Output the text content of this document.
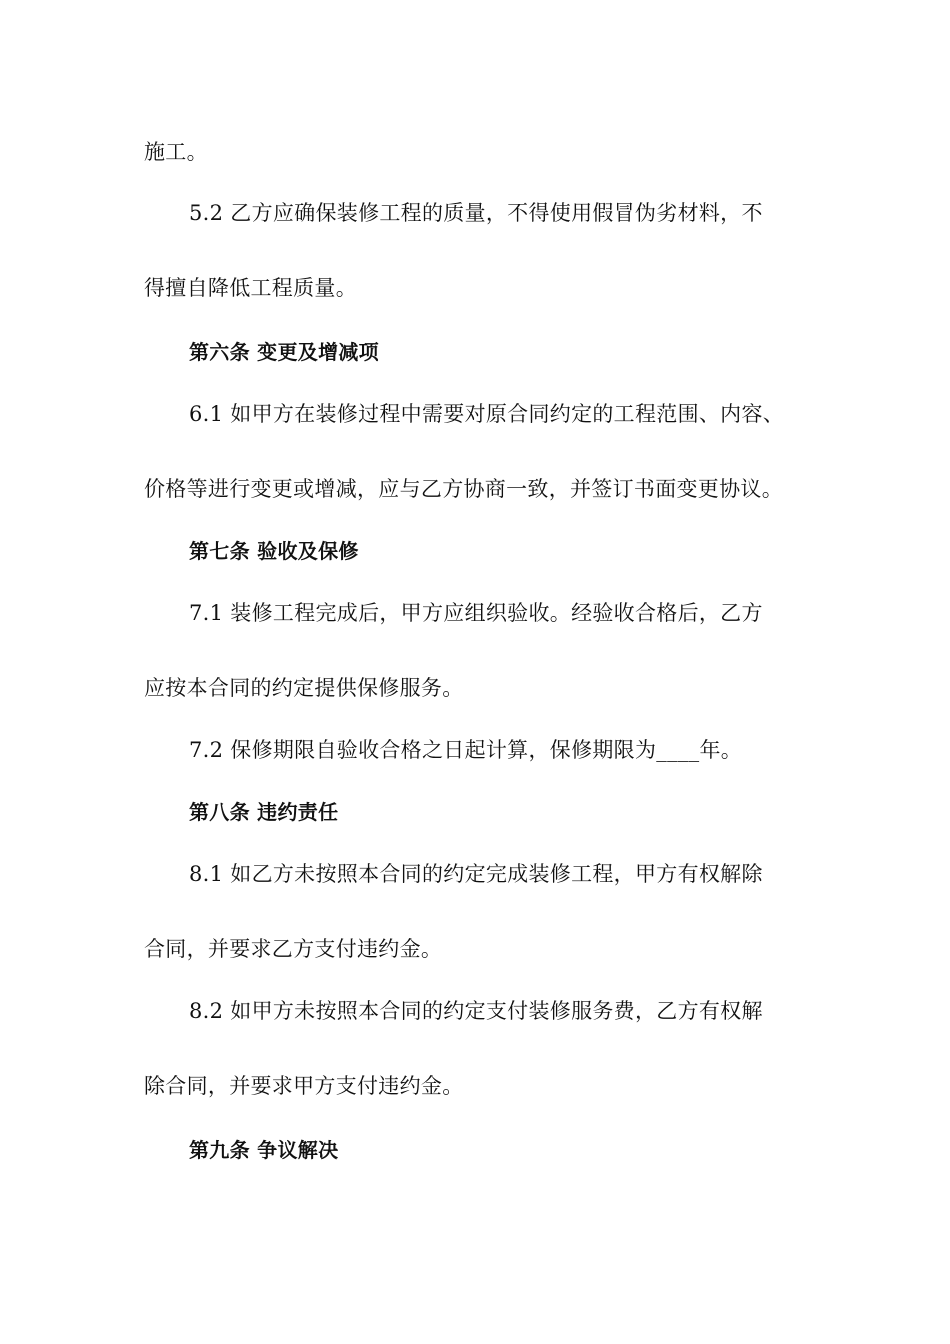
施工。
5.2 乙方应确保装修工程的质量，不得使用假冒伪劣材料，不
得擅自降低工程质量。
第六条 变更及增减项
6.1 如甲方在装修过程中需要对原合同约定的工程范围、内容、
价格等进行变更或增减，应与乙方协商一致，并签订书面变更协议。
第七条 验收及保修
7.1 装修工程完成后，甲方应组织验收。经验收合格后，乙方
应按本合同的约定提供保修服务。
7.2 保修期限自验收合格之日起计算，保修期限为____年。
第八条 违约责任
8.1 如乙方未按照本合同的约定完成装修工程，甲方有权解除
合同，并要求乙方支付违约金。
8.2 如甲方未按照本合同的约定支付装修服务费，乙方有权解
除合同，并要求甲方支付违约金。
第九条 争议解决
